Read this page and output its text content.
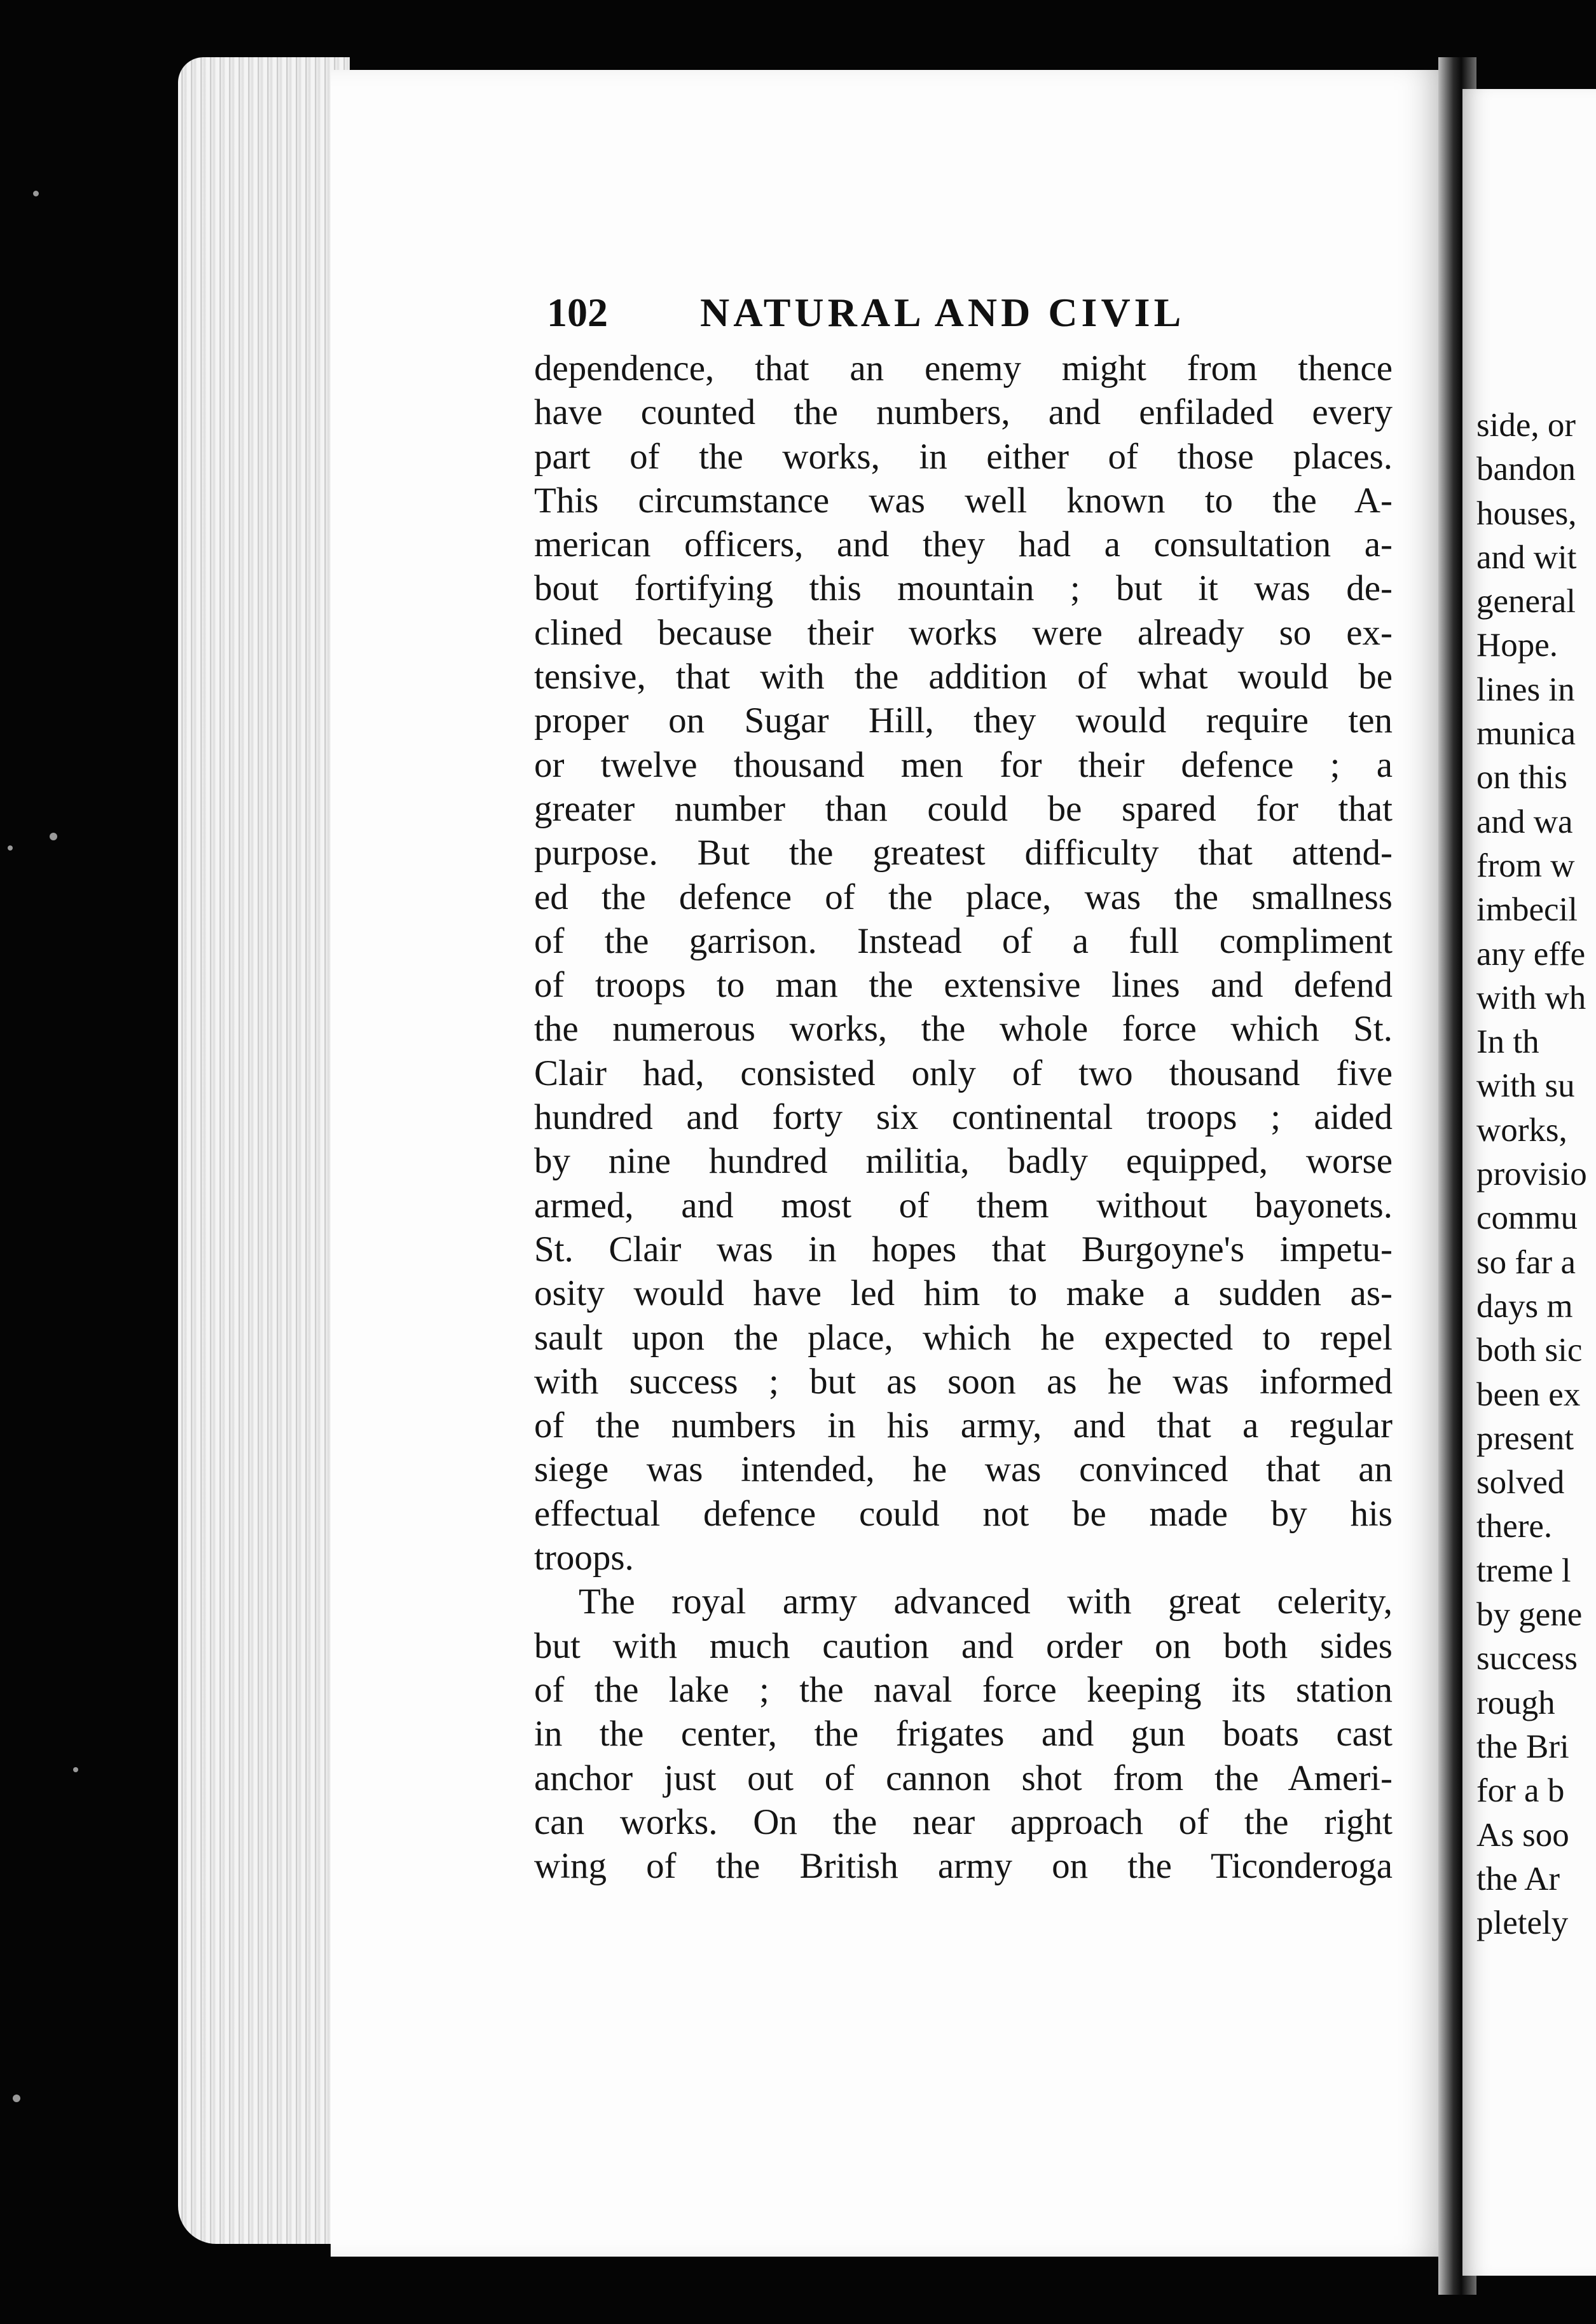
102 NATURAL AND CIVIL
dependence, that an enemy might from thence
have counted the numbers, and enfiladed every
part of the works, in either of those places.
This circumstance was well known to the A-
merican officers, and they had a consultation a-
bout fortifying this mountain ; but it was de-
clined because their works were already so ex-
tensive, that with the addition of what would be
proper on Sugar Hill, they would require ten
or twelve thousand men for their defence ; a
greater number than could be spared for that
purpose. But the greatest difficulty that attend-
ed the defence of the place, was the smallness
of the garrison. Instead of a full compliment
of troops to man the extensive lines and defend
the numerous works, the whole force which St.
Clair had, consisted only of two thousand five
hundred and forty six continental troops ; aided
by nine hundred militia, badly equipped, worse
armed, and most of them without bayonets.
St. Clair was in hopes that Burgoyne's impetu-
osity would have led him to make a sudden as-
sault upon the place, which he expected to repel
with success ; but as soon as he was informed
of the numbers in his army, and that a regular
siege was intended, he was convinced that an
effectual defence could not be made by his
troops.
The royal army advanced with great celerity,
but with much caution and order on both sides
of the lake ; the naval force keeping its station
in the center, the frigates and gun boats cast
anchor just out of cannon shot from the Ameri-
can works. On the near approach of the right
wing of the British army on the Ticonderoga
side, or
bandon
houses,
and wit
general
Hope.
lines in
munica
on this
and wa
from w
imbecil
any effe
with wh
In th
with su
works,
provisio
commu
so far a
days m
both sic
been ex
present
solved
there.
treme l
by gene
success
rough
the Bri
for a b
As soo
the Ar
pletely
